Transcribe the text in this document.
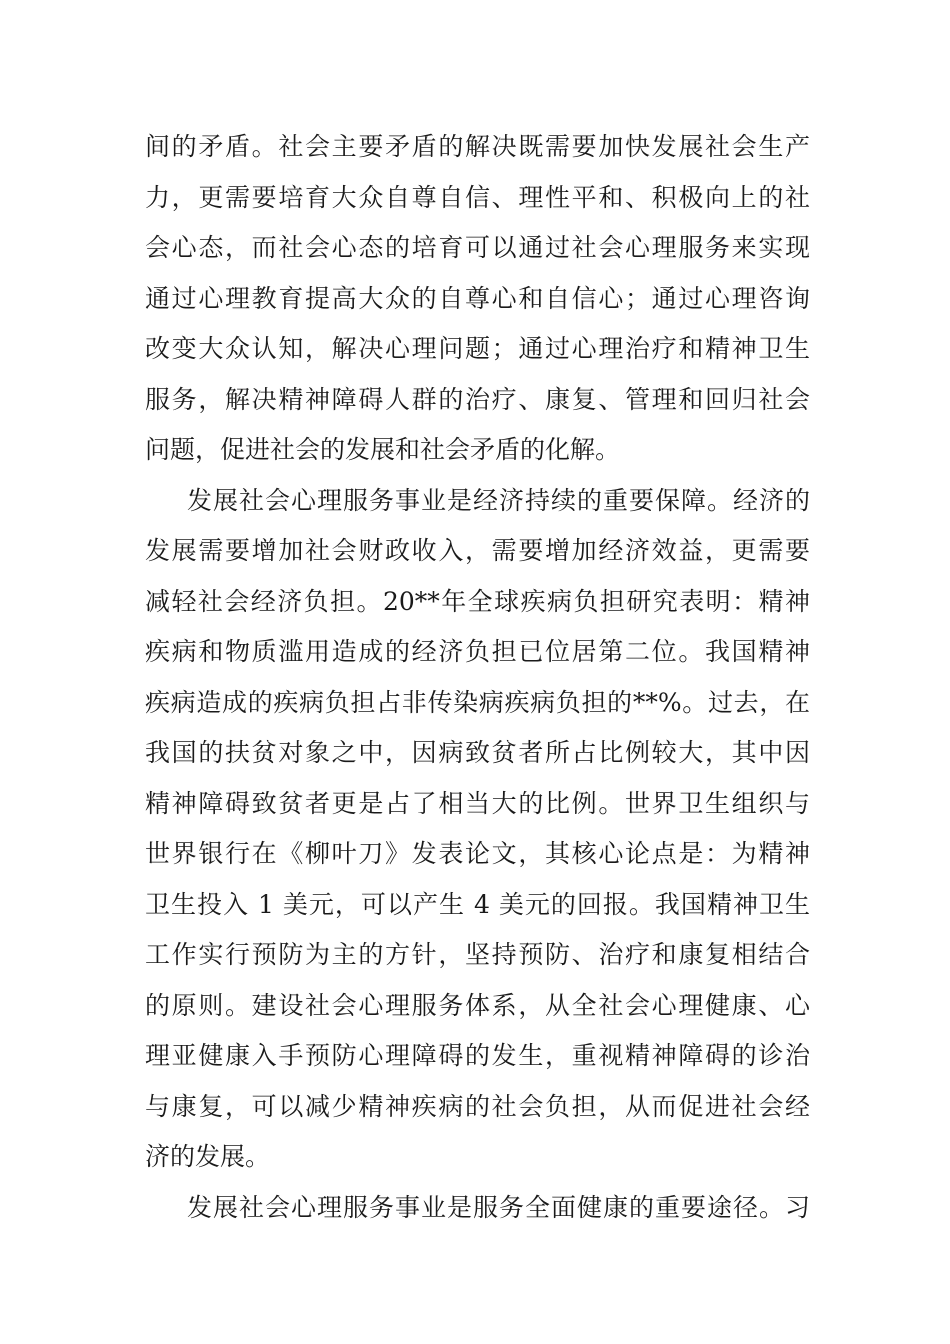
间的矛盾。社会主要矛盾的解决既需要加快发展社会生产
力，更需要培育大众自尊自信、理性平和、积极向上的社
会心态，而社会心态的培育可以通过社会心理服务来实现
通过心理教育提高大众的自尊心和自信心；通过心理咨询
改变大众认知，解决心理问题；通过心理治疗和精神卫生
服务，解决精神障碍人群的治疗、康复、管理和回归社会
问题，促进社会的发展和社会矛盾的化解。
发展社会心理服务事业是经济持续的重要保障。经济的
发展需要增加社会财政收入，需要增加经济效益，更需要
减轻社会经济负担。20**年全球疾病负担研究表明：精神
疾病和物质滥用造成的经济负担已位居第二位。我国精神
疾病造成的疾病负担占非传染病疾病负担的**%。过去，在
我国的扶贫对象之中，因病致贫者所占比例较大，其中因
精神障碍致贫者更是占了相当大的比例。世界卫生组织与
世界银行在《柳叶刀》发表论文，其核心论点是：为精神
卫生投入 1 美元，可以产生 4 美元的回报。我国精神卫生
工作实行预防为主的方针，坚持预防、治疗和康复相结合
的原则。建设社会心理服务体系，从全社会心理健康、心
理亚健康入手预防心理障碍的发生，重视精神障碍的诊治
与康复，可以减少精神疾病的社会负担，从而促进社会经
济的发展。
发展社会心理服务事业是服务全面健康的重要途径。习
